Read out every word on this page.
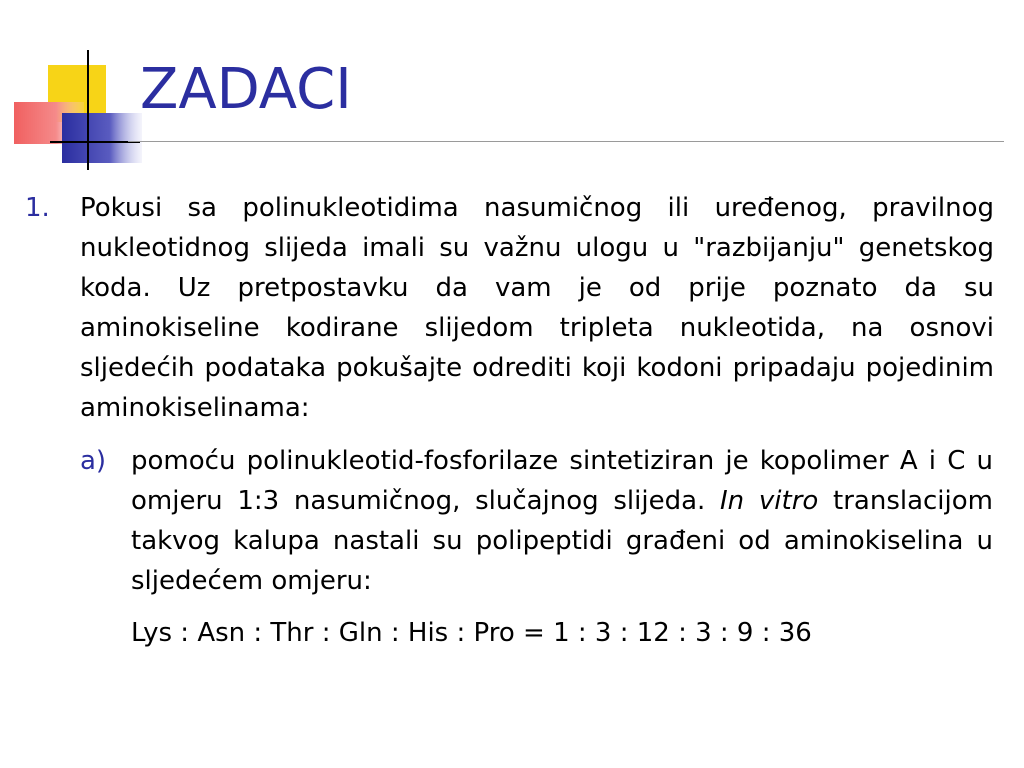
ZADACI
1. Pokusi sa polinukleotidima nasumičnog ili uređenog, pravilnog nukleotidnog slijeda imali su važnu ulogu u "razbijanju" genetskog koda. Uz pretpostavku da vam je od prije poznato da su aminokiseline kodirane slijedom tripleta nukleotida, na osnovi sljedećih podataka pokušajte odrediti koji kodoni pripadaju pojedinim aminokiselinama:
a) pomoću polinukleotid-fosforilaze sintetiziran je kopolimer A i C u omjeru 1:3 nasumičnog, slučajnog slijeda. In vitro translacijom takvog kalupa nastali su polipeptidi građeni od aminokiselina u sljedećem omjeru:
Lys : Asn : Thr : Gln : His : Pro = 1 : 3 : 12 : 3 : 9 : 36
